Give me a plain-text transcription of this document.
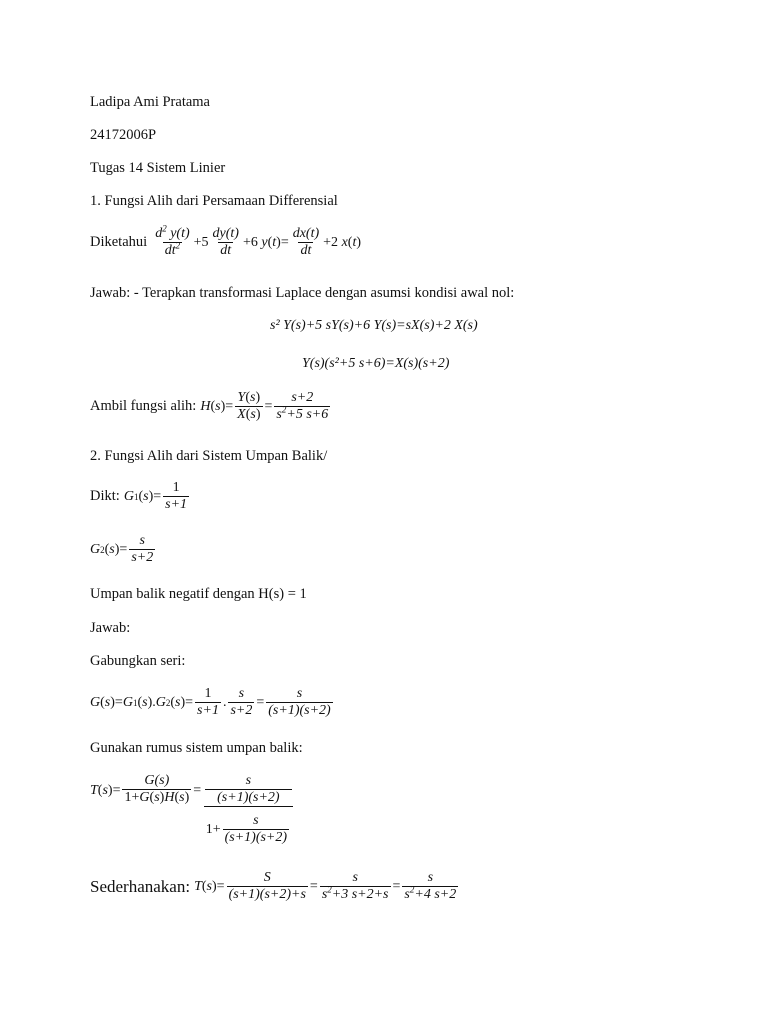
Ladipa Ami Pratama
24172006P
Tugas 14 Sistem Linier
1. Fungsi Alih dari Persamaan Differensial
Diketahui $\frac{d^2 y(t)}{dt^2} +5 \frac{dy(t)}{dt} +6$ $y(t)= \frac{dx(t)}{dt} +2$ x(t)
Jawab: - Terapkan transformasi Laplace dengan asumsi kondisi awal nol:
s² Y(s)+5 sY(s)+6 Y(s)=sX(s)+2 X(s)
Y(s)(s²+5 s+6)=X(s)(s+2)
Ambil fungsi alih: H ( s )= $\frac{Y(s)}{X(s)} = \frac{s+2}{s^2+5 s+6}$
2. Fungsi Alih dari Sistem Umpan Balik/
Dikt: G 1 ( s )= $\frac{1}{s+1}$
G 2 ( s )= $\frac{s}{s+2}$
Umpan balik negatif dengan H(s) = 1
Jawab:
Gabungkan seri:
G ( s )= G 1 ( s ). G 2 ( s )= $\frac{1}{s+1}$ . $\frac{s}{s+2} = \frac{s}{(s+1)(s+2)}$
Gunakan rumus sistem umpan balik:
$T(s)= \frac{G(s)}{1+G(s)H(s)} = s$
(s+1)(s+2)
$1+ \frac{s}{(s+1)(s+2)}$
Sederhanakan: T ( s )= $\frac{S}{(s+1)(s+2)+s} = \frac{s}{s^2+3 s+2+s} = \frac{s}{s^2+4 s+2}$
